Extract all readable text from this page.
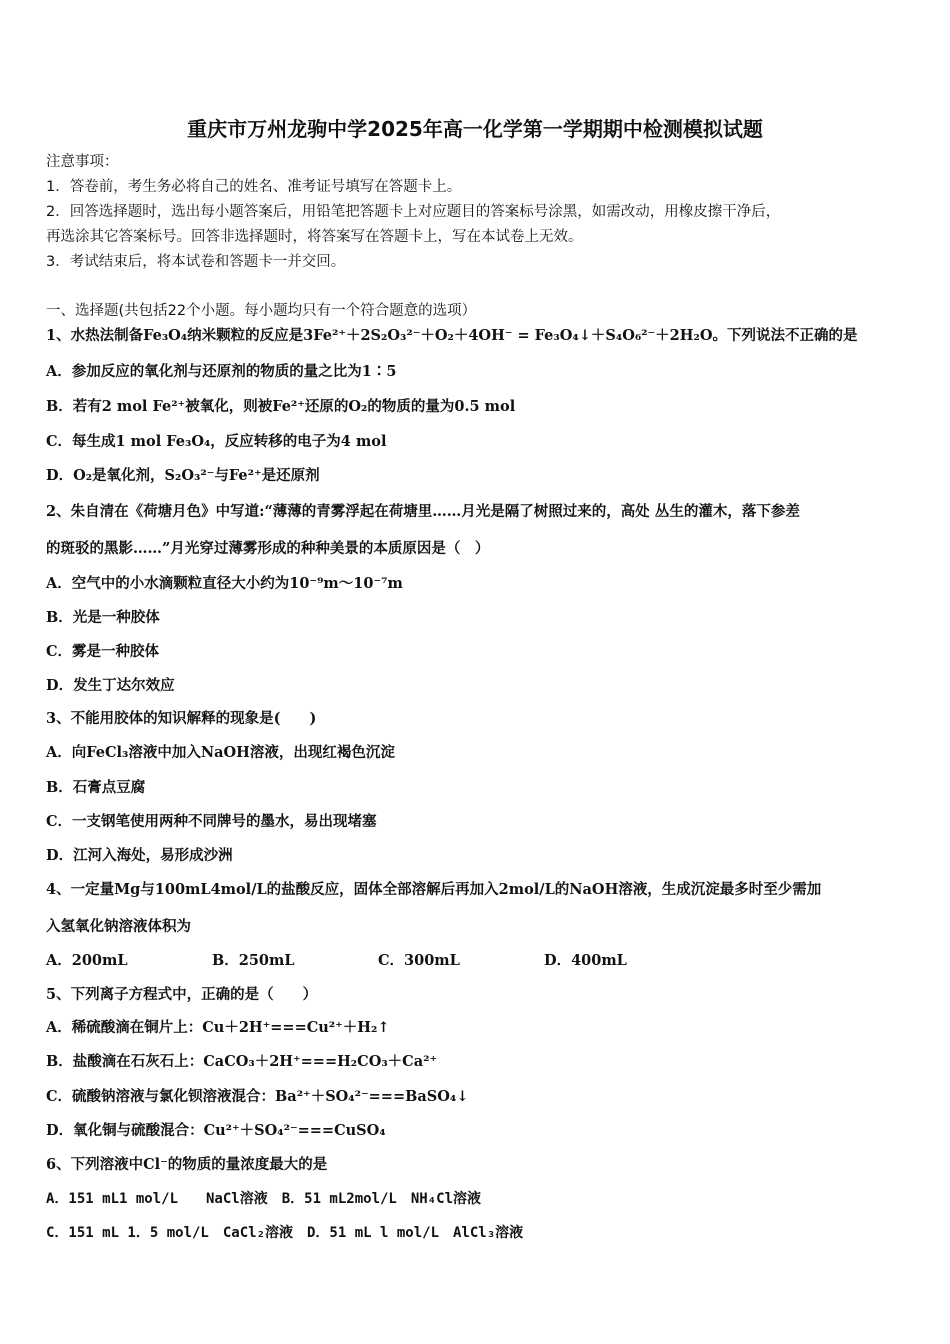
重庆市万州龙驹中学2025年高一化学第一学期期中检测模拟试题
注意事项：
1．答卷前，考生务必将自己的姓名、准考证号填写在答题卡上。
2．回答选择题时，选出每小题答案后，用铅笔把答题卡上对应题目的答案标号涂黑，如需改动，用橡皮擦干净后，
再选涂其它答案标号。回答非选择题时，将答案写在答题卡上，写在本试卷上无效。
3．考试结束后，将本试卷和答题卡一并交回。
一、选择题(共包括22个小题。每小题均只有一个符合题意的选项）
1、水热法制备Fe₃O₄纳米颗粒的反应是3Fe²⁺＋2S₂O₃²⁻＋O₂＋4OH⁻ = Fe₃O₄↓＋S₄O₆²⁻＋2H₂O。下列说法不正确的是
A．参加反应的氧化剂与还原剂的物质的量之比为1∶5
B．若有2 mol Fe²⁺被氧化，则被Fe²⁺还原的O₂的物质的量为0.5 mol
C．每生成1 mol Fe₃O₄，反应转移的电子为4 mol
D．O₂是氧化剂，S₂O₃²⁻与Fe²⁺是还原剂
2、朱自清在《荷塘月色》中写道:“薄薄的青雾浮起在荷塘里……月光是隔了树照过来的，高处 丛生的灌木，落下参差
的斑驳的黑影……”月光穿过薄雾形成的种种美景的本质原因是（　）
A．空气中的小水滴颗粒直径大小约为10⁻⁹m～10⁻⁷m
B．光是一种胶体
C．雾是一种胶体
D．发生丁达尔效应
3、不能用胶体的知识解释的现象是(　　)
A．向FeCl₃溶液中加入NaOH溶液，出现红褐色沉淀
B．石膏点豆腐
C．一支钢笔使用两种不同牌号的墨水，易出现堵塞
D．江河入海处，易形成沙洲
4、一定量Mg与100mL4mol/L的盐酸反应，固体全部溶解后再加入2mol/L的NaOH溶液，生成沉淀最多时至少需加
入氢氧化钠溶液体积为
A．200mL	B．250mL	C．300mL	D．400mL
5、下列离子方程式中，正确的是（　　）
A．稀硫酸滴在铜片上：Cu＋2H⁺===Cu²⁺＋H₂↑
B．盐酸滴在石灰石上：CaCO₃＋2H⁺===H₂CO₃＋Ca²⁺
C．硫酸钠溶液与氯化钡溶液混合：Ba²⁺＋SO₄²⁻===BaSO₄↓
D．氧化铜与硫酸混合：Cu²⁺＋SO₄²⁻===CuSO₄
6、下列溶液中Cl⁻的物质的量浓度最大的是
A．151 mL1 mol/L　　NaCl溶液　B．51 mL2mol/L　NH₄Cl溶液
C．151 mL 1．5 mol/L　CaCl₂溶液　D．51 mL l mol/L　AlCl₃溶液
